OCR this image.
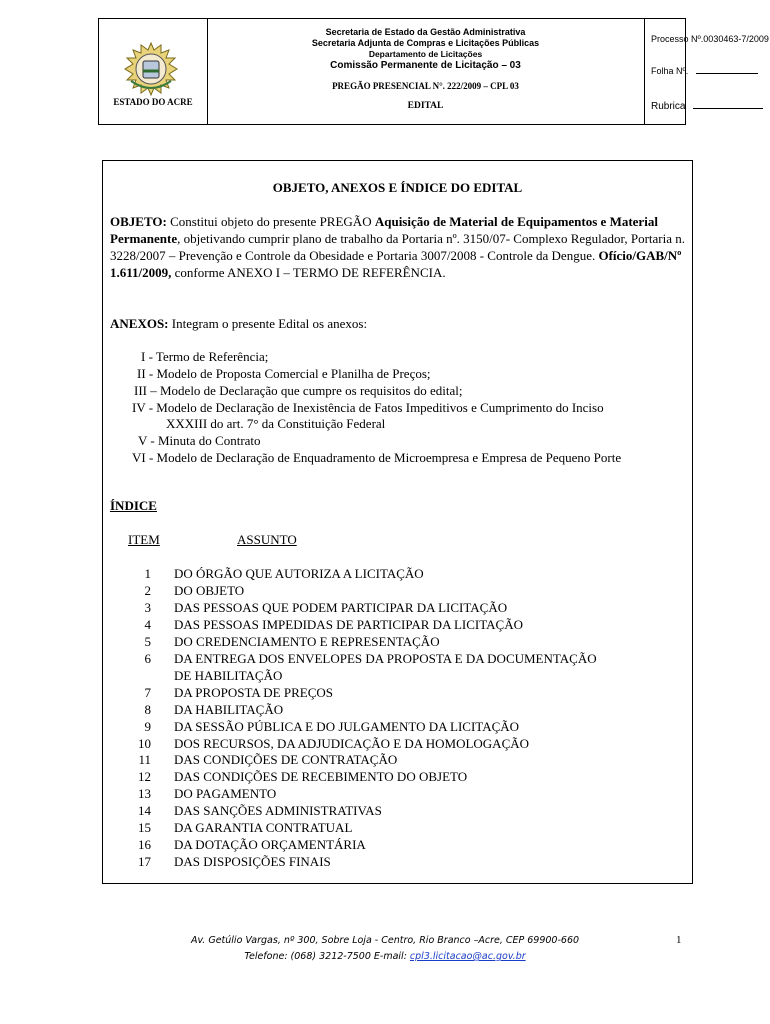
ESTADO DO ACRE
Secretaria de Estado da Gestão Administrativa
Secretaria Adjunta de Compras e Licitações Públicas
Departamento de Licitações
Comissão Permanente de Licitação – 03
PREGÃO PRESENCIAL N°. 222/2009 – CPL 03
EDITAL
Processo Nº.0030463-7/2009
Folha Nº.
Rubrica
OBJETO, ANEXOS E ÍNDICE DO EDITAL
OBJETO: Constitui objeto do presente PREGÃO Aquisição de Material de Equipamentos e Material Permanente, objetivando cumprir plano de trabalho da Portaria nº. 3150/07- Complexo Regulador, Portaria n. 3228/2007 – Prevenção e Controle da Obesidade e Portaria 3007/2008 - Controle da Dengue. Ofício/GAB/Nº 1.611/2009, conforme ANEXO I – TERMO DE REFERÊNCIA.
ANEXOS: Integram o presente Edital os anexos:
I - Termo de Referência;
II - Modelo de Proposta Comercial e Planilha de Preços;
III – Modelo de Declaração que cumpre os requisitos do edital;
IV - Modelo de Declaração de Inexistência de Fatos Impeditivos e Cumprimento do Inciso
XXXIII do art. 7° da Constituição Federal
V - Minuta do Contrato
VI - Modelo de Declaração de Enquadramento de Microempresa e Empresa de Pequeno Porte
ÍNDICE
ITEM	ASSUNTO
1 DO ÓRGÃO QUE AUTORIZA A LICITAÇÃO
2 DO OBJETO
3 DAS PESSOAS QUE PODEM PARTICIPAR DA LICITAÇÃO
4 DAS PESSOAS IMPEDIDAS DE PARTICIPAR DA LICITAÇÃO
5 DO CREDENCIAMENTO E REPRESENTAÇÃO
6 DA ENTREGA DOS ENVELOPES DA PROPOSTA E DA DOCUMENTAÇÃO
DE HABILITAÇÃO
7 DA PROPOSTA DE PREÇOS
8 DA HABILITAÇÃO
9 DA SESSÃO PÚBLICA E DO JULGAMENTO DA LICITAÇÃO
10 DOS RECURSOS, DA ADJUDICAÇÃO E DA HOMOLOGAÇÃO
11 DAS CONDIÇÕES DE CONTRATAÇÃO
12 DAS CONDIÇÕES DE RECEBIMENTO DO OBJETO
13 DO PAGAMENTO
14 DAS SANÇÕES ADMINISTRATIVAS
15 DA GARANTIA CONTRATUAL
16 DA DOTAÇÃO ORÇAMENTÁRIA
17 DAS DISPOSIÇÕES FINAIS
Av. Getúlio Vargas, nº 300, Sobre Loja - Centro, Rio Branco –Acre, CEP 69900-660
Telefone: (068) 3212-7500 E-mail: cpl3.licitacao@ac.gov.br
1
